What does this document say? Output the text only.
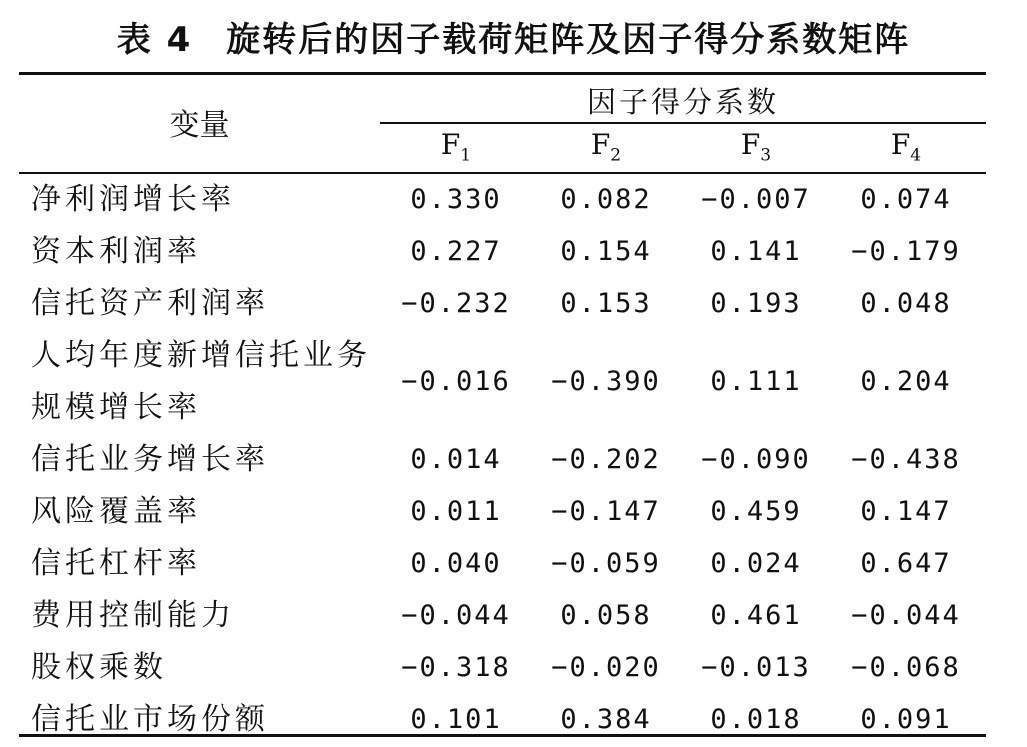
表 4 旋转后的因子载荷矩阵及因子得分系数矩阵
变量
因子得分系数
$F_1$	$F_2$	$F_3$	$F_4$
净利润增长率	0.330	0.082	−0.007	0.074
资本利润率	0.227	0.154	0.141	−0.179
信托资产利润率	−0.232	0.153	0.193	0.048
人均年度新增信托业务
规模增长率
−0.016	−0.390	0.111	0.204
信托业务增长率	0.014	−0.202	−0.090	−0.438
风险覆盖率	0.011	−0.147	0.459	0.147
信托杠杆率	0.040	−0.059	0.024	0.647
费用控制能力	−0.044	0.058	0.461	−0.044
股权乘数	−0.318	−0.020	−0.013	−0.068
信托业市场份额	0.101	0.384	0.018	0.091
